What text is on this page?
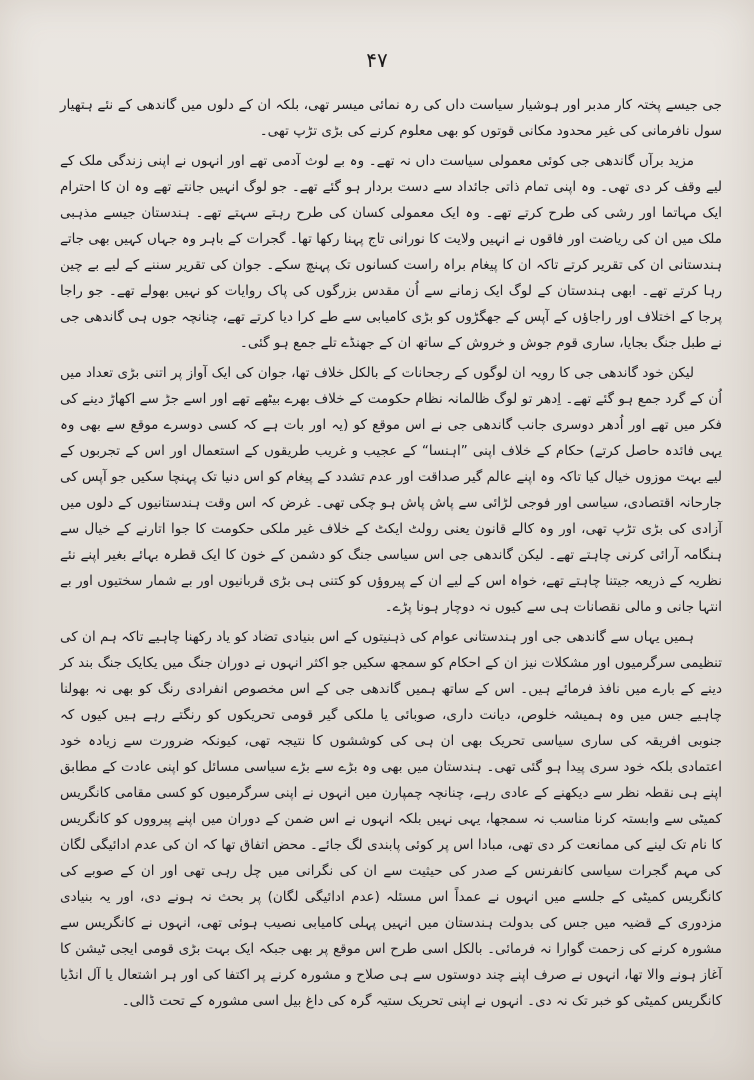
۴۷

جی جیسے پختہ کار مدبر اور ہوشیار سیاست داں کی رہ نمائی میسر تھی، بلکہ ان کے دلوں میں گاندھی کے نئے ہتھیار سول نافرمانی کی غیر محدود مکانی قوتوں کو بھی معلوم کرنے کی بڑی تڑپ تھی۔

مزید برآں گاندھی جی کوئی معمولی سیاست داں نہ تھے۔ وہ بے لوث آدمی تھے اور انہوں نے اپنی زندگی ملک کے لیے وقف کر دی تھی۔ وہ اپنی تمام ذاتی جائداد سے دست بردار ہو گئے تھے۔ جو لوگ انہیں جانتے تھے وہ ان کا احترام ایک مہاتما اور رشی کی طرح کرتے تھے۔ وہ ایک معمولی کسان کی طرح رہتے سہتے تھے۔ ہندستان جیسے مذہبی ملک میں ان کی ریاضت اور فاقوں نے انہیں ولایت کا نورانی تاج پہنا رکھا تھا۔ گجرات کے باہر وہ جہاں کہیں بھی جاتے ہندستانی ان کی تقریر کرتے تاکہ ان کا پیغام براہ راست کسانوں تک پہنچ سکے۔ جوان کی تقریر سننے کے لیے بے چین رہا کرتے تھے۔ ابھی ہندستان کے لوگ ایک زمانے سے اُن مقدس بزرگوں کی پاک روایات کو نہیں بھولے تھے۔ جو راجا پرجا کے اختلاف اور راجاؤں کے آپس کے جھگڑوں کو بڑی کامیابی سے طے کرا دیا کرتے تھے، چنانچہ جوں ہی گاندھی جی نے طبل جنگ بجایا، ساری قوم جوش و خروش کے ساتھ ان کے جھنڈے تلے جمع ہو گئی۔

لیکن خود گاندھی جی کا رویہ ان لوگوں کے رجحانات کے بالکل خلاف تھا، جوان کی ایک آواز پر اتنی بڑی تعداد میں اُن کے گرد جمع ہو گئے تھے۔ اِدھر تو لوگ ظالمانہ نظام حکومت کے خلاف بھرے بیٹھے تھے اور اسے جڑ سے اکھاڑ دینے کی فکر میں تھے اور اُدھر دوسری جانب گاندھی جی نے اس موقع کو (یہ اور بات ہے کہ کسی دوسرے موقع سے بھی وہ یہی فائدہ حاصل کرتے) حکام کے خلاف اپنی ”اہنسا“ کے عجیب و غریب طریقوں کے استعمال اور اس کے تجربوں کے لیے بہت موزوں خیال کیا تاکہ وہ اپنے عالم گیر صداقت اور عدم تشدد کے پیغام کو اس دنیا تک پہنچا سکیں جو آپس کی جارحانہ اقتصادی، سیاسی اور فوجی لڑائی سے پاش پاش ہو چکی تھی۔ غرض کہ اس وقت ہندستانیوں کے دلوں میں آزادی کی بڑی تڑپ تھی، اور وہ کالے قانون یعنی رولٹ ایکٹ کے خلاف غیر ملکی حکومت کا جوا اتارنے کے خیال سے ہنگامہ آرائی کرنی چاہتے تھے۔ لیکن گاندھی جی اس سیاسی جنگ کو دشمن کے خون کا ایک قطرہ بہائے بغیر اپنے نئے نظریہ کے ذریعہ جیتنا چاہتے تھے، خواہ اس کے لیے ان کے پیروؤں کو کتنی ہی بڑی قربانیوں اور بے شمار سختیوں اور بے انتہا جانی و مالی نقصانات ہی سے کیوں نہ دوچار ہونا پڑے۔

ہمیں یہاں سے گاندھی جی اور ہندستانی عوام کی ذہنیتوں کے اس بنیادی تضاد کو یاد رکھنا چاہیے تاکہ ہم ان کی تنظیمی سرگرمیوں اور مشکلات نیز ان کے احکام کو سمجھ سکیں جو اکثر انہوں نے دوران جنگ میں یکایک جنگ بند کر دینے کے بارے میں نافذ فرمائے ہیں۔ اس کے ساتھ ہمیں گاندھی جی کے اس مخصوص انفرادی رنگ کو بھی نہ بھولنا چاہیے جس میں وہ ہمیشہ خلوص، دیانت داری، صوبائی یا ملکی گیر قومی تحریکوں کو رنگتے رہے ہیں کیوں کہ جنوبی افریقہ کی ساری سیاسی تحریک بھی ان ہی کی کوششوں کا نتیجہ تھی، کیونکہ ضرورت سے زیادہ خود اعتمادی بلکہ خود سری پیدا ہو گئی تھی۔ ہندستان میں بھی وہ بڑے سے بڑے سیاسی مسائل کو اپنی عادت کے مطابق اپنے ہی نقطہ نظر سے دیکھنے کے عادی رہے، چنانچہ چمپارن میں انہوں نے اپنی سرگرمیوں کو کسی مقامی کانگریس کمیٹی سے وابستہ کرنا مناسب نہ سمجھا، یہی نہیں بلکہ انہوں نے اس ضمن کے دوران میں اپنے پیرووں کو کانگریس کا نام تک لینے کی ممانعت کر دی تھی، مبادا اس پر کوئی پابندی لگ جائے۔ محض اتفاق تھا کہ ان کی عدم ادائیگی لگان کی مہم گجرات سیاسی کانفرنس کے صدر کی حیثیت سے ان کی نگرانی میں چل رہی تھی اور ان کے صوبے کی کانگریس کمیٹی کے جلسے میں انہوں نے عمداً اس مسئلہ (عدم ادائیگی لگان) پر بحث نہ ہونے دی، اور یہ بنیادی مزدوری کے قضیہ میں جس کی بدولت ہندستان میں انہیں پہلی کامیابی نصیب ہوئی تھی، انہوں نے کانگریس سے مشورہ کرنے کی زحمت گوارا نہ فرمائی۔ بالکل اسی طرح اس موقع پر بھی جبکہ ایک بہت بڑی قومی ایجی ٹیشن کا آغاز ہونے والا تھا، انہوں نے صرف اپنے چند دوستوں سے ہی صلاح و مشورہ کرنے پر اکتفا کی اور ہر اشتعال یا آل انڈیا کانگریس کمیٹی کو خبر تک نہ دی۔ انہوں نے اپنی تحریک ستیہ گرہ کی داغ بیل اسی مشورہ کے تحت ڈالی۔
